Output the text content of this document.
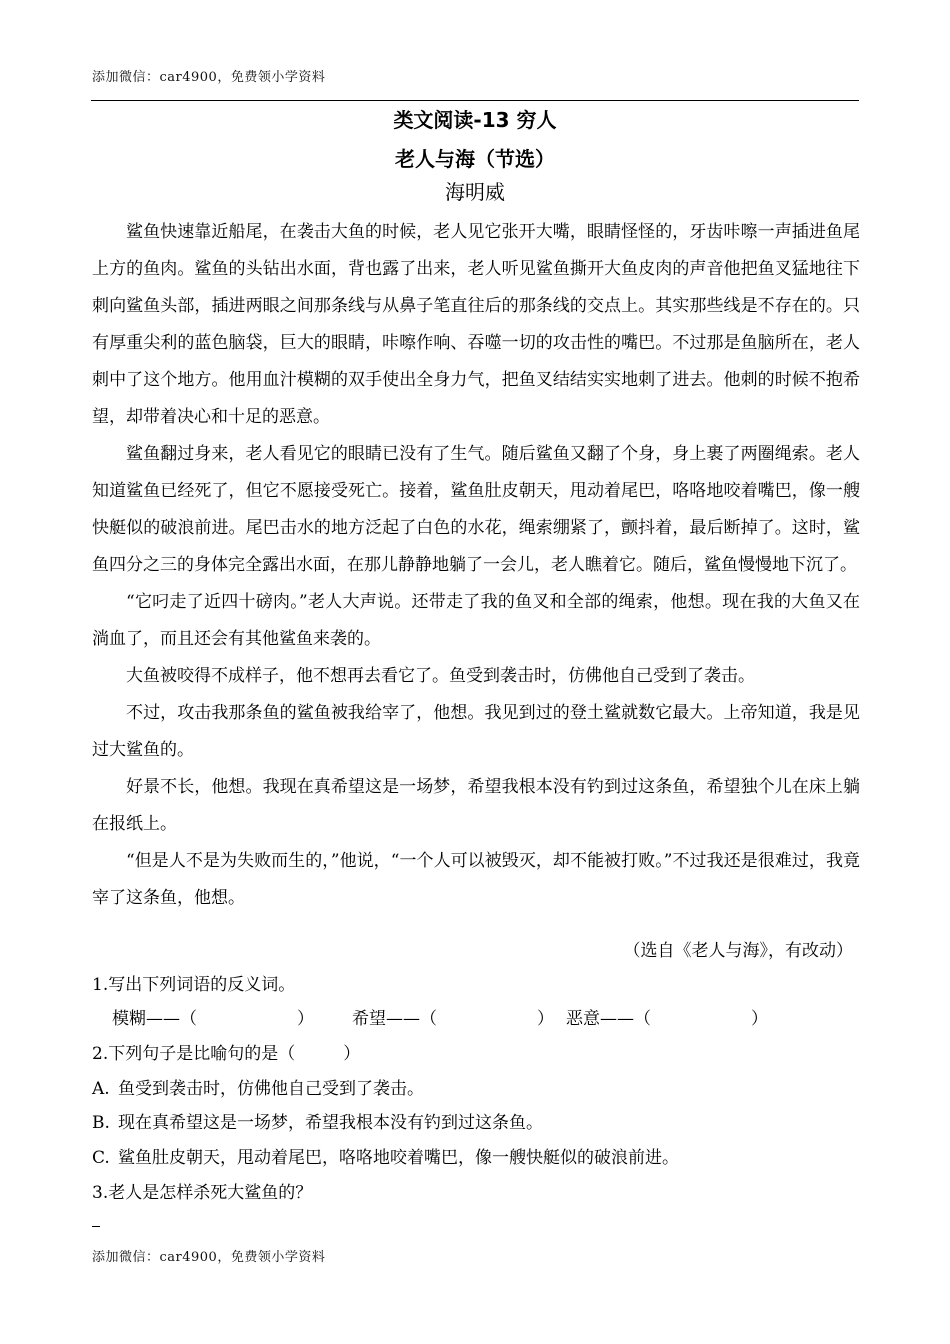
添加微信：car4900，免费领小学资料
类文阅读-13 穷人
老人与海（节选）
海明威

鲨鱼快速靠近船尾，在袭击大鱼的时候，老人见它张开大嘴，眼睛怪怪的，牙齿咔嚓一声插进鱼尾上方的鱼肉。鲨鱼的头钻出水面，背也露了出来，老人听见鲨鱼撕开大鱼皮肉的声音他把鱼叉猛地往下刺向鲨鱼头部，插进两眼之间那条线与从鼻子笔直往后的那条线的交点上。其实那些线是不存在的。只有厚重尖利的蓝色脑袋，巨大的眼睛，咔嚓作响、吞噬一切的攻击性的嘴巴。不过那是鱼脑所在，老人刺中了这个地方。他用血汁模糊的双手使出全身力气，把鱼叉结结实实地刺了进去。他刺的时候不抱希望，却带着决心和十足的恶意。

鲨鱼翻过身来，老人看见它的眼睛已没有了生气。随后鲨鱼又翻了个身，身上裹了两圈绳索。老人知道鲨鱼已经死了，但它不愿接受死亡。接着，鲨鱼肚皮朝天，甩动着尾巴，咯咯地咬着嘴巴，像一艘快艇似的破浪前进。尾巴击水的地方泛起了白色的水花，绳索绷紧了，颤抖着，最后断掉了。这时，鲨鱼四分之三的身体完全露出水面，在那儿静静地躺了一会儿，老人瞧着它。随后，鲨鱼慢慢地下沉了。

“它叼走了近四十磅肉。”老人大声说。还带走了我的鱼叉和全部的绳索，他想。现在我的大鱼又在淌血了，而且还会有其他鲨鱼来袭的。

大鱼被咬得不成样子，他不想再去看它了。鱼受到袭击时，仿佛他自己受到了袭击。

不过，攻击我那条鱼的鲨鱼被我给宰了，他想。我见到过的登土鲨就数它最大。上帝知道，我是见过大鲨鱼的。

好景不长，他想。我现在真希望这是一场梦，希望我根本没有钓到过这条鱼，希望独个儿在床上躺在报纸上。

“但是人不是为失败而生的，”他说，“一个人可以被毁灭，却不能被打败。”不过我还是很难过，我竟宰了这条鱼，他想。

（选自《老人与海》，有改动）
1.写出下列词语的反义词。
模糊——（	） 希望——（	） 恶意——（	）
2.下列句子是比喻句的是（	）
A. 鱼受到袭击时，仿佛他自己受到了袭击。
B. 现在真希望这是一场梦，希望我根本没有钓到过这条鱼。
C. 鲨鱼肚皮朝天，甩动着尾巴，咯咯地咬着嘴巴，像一艘快艇似的破浪前进。
3.老人是怎样杀死大鲨鱼的？
添加微信：car4900，免费领小学资料
